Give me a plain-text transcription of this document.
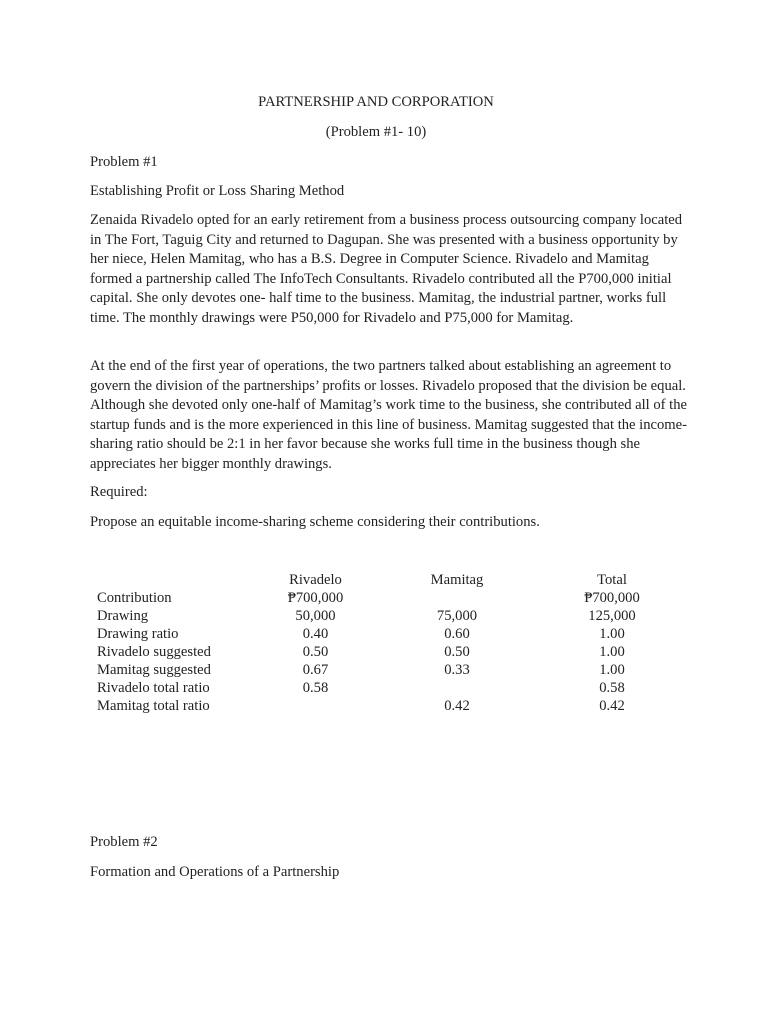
PARTNERSHIP AND CORPORATION
(Problem #1- 10)
Problem #1
Establishing Profit or Loss Sharing Method

Zenaida Rivadelo opted for an early retirement from a business process outsourcing company located in The Fort, Taguig City and returned to Dagupan. She was presented with a business opportunity by her niece, Helen Mamitag, who has a B.S. Degree in Computer Science. Rivadelo and Mamitag formed a partnership called The InfoTech Consultants. Rivadelo contributed all the P700,000 initial capital. She only devotes one- half time to the business. Mamitag, the industrial partner, works full time. The monthly drawings were P50,000 for Rivadelo and P75,000 for Mamitag.

At the end of the first year of operations, the two partners talked about establishing an agreement to govern the division of the partnerships’ profits or losses. Rivadelo proposed that the division be equal. Although she devoted only one-half of Mamitag’s work time to the business, she contributed all of the startup funds and is the more experienced in this line of business. Mamitag suggested that the income-sharing ratio should be 2:1 in her favor because she works full time in the business though she appreciates her bigger monthly drawings.

Required:
Propose an equitable income-sharing scheme considering their contributions.
	Rivadelo	Mamitag	Total
Contribution	₱700,000		₱700,000
Drawing	50,000	75,000	125,000
Drawing ratio	0.40	0.60	1.00
Rivadelo suggested	0.50	0.50	1.00
Mamitag suggested	0.67	0.33	1.00
Rivadelo total ratio	0.58		0.58
Mamitag total ratio		0.42	0.42
Problem #2
Formation and Operations of a Partnership
